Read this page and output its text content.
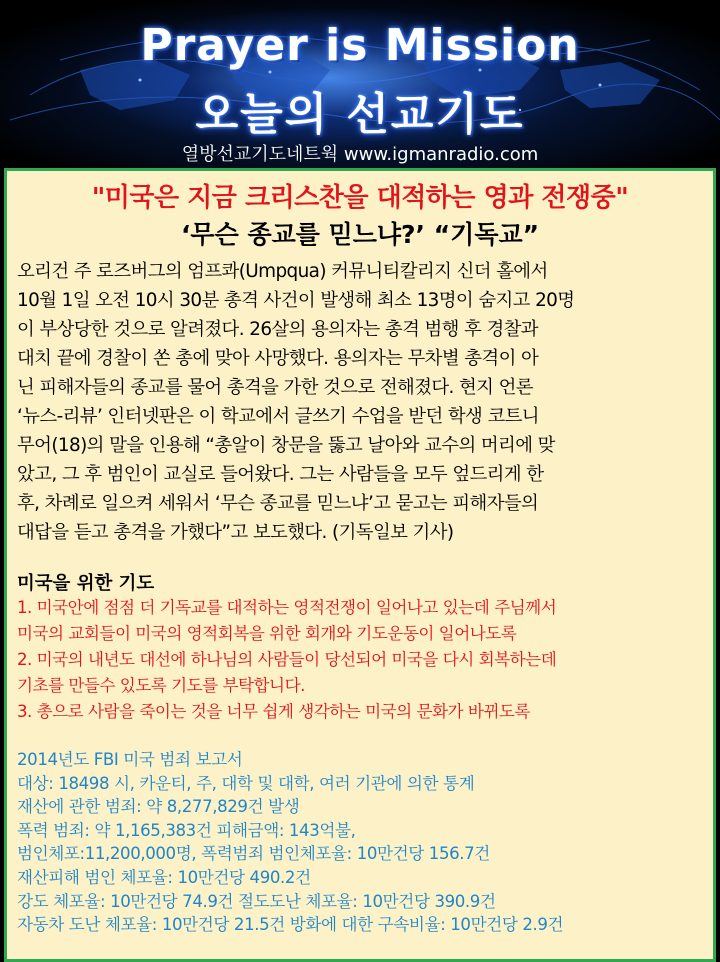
Prayer is Mission
오늘의 선교기도
열방선교기도네트웍 www.igmanradio.com
"미국은 지금 크리스찬을 대적하는 영과 전쟁중"
‘무슨 종교를 믿느냐?’ “기독교”
오리건 주 로즈버그의 엄프콰(Umpqua) 커뮤니티칼리지 신더 홀에서
10월 1일 오전 10시 30분 총격 사건이 발생해 최소 13명이 숨지고 20명
이 부상당한 것으로 알려졌다. 26살의 용의자는 총격 범행 후 경찰과
대치 끝에 경찰이 쏜 총에 맞아 사망했다. 용의자는 무차별 총격이 아
닌 피해자들의 종교를 물어 총격을 가한 것으로 전해졌다. 현지 언론
‘뉴스-리뷰’ 인터넷판은 이 학교에서 글쓰기 수업을 받던 학생 코트니
무어(18)의 말을 인용해 “총알이 창문을 뚫고 날아와 교수의 머리에 맞
았고, 그 후 범인이 교실로 들어왔다. 그는 사람들을 모두 엎드리게 한
후, 차례로 일으켜 세워서 ‘무슨 종교를 믿느냐’고 묻고는 피해자들의
대답을 듣고 총격을 가했다”고 보도했다. (기독일보 기사)
미국을 위한 기도
1. 미국안에 점점 더 기독교를 대적하는 영적전쟁이 일어나고 있는데 주님께서
미국의 교회들이 미국의 영적회복을 위한 회개와 기도운동이 일어나도록
2. 미국의 내년도 대선에 하나님의 사람들이 당선되어 미국을 다시 회복하는데
기초를 만들수 있도록 기도를 부탁합니다.
3. 총으로 사람을 죽이는 것을 너무 쉽게 생각하는 미국의 문화가 바뀌도록
2014년도 FBI 미국 범죄 보고서
대상: 18498 시, 카운티, 주, 대학 및 대학, 여러 기관에 의한 통계
재산에 관한 범죄: 약 8,277,829건 발생
폭력 범죄: 약 1,165,383건 피해금액: 143억불,
범인체포:11,200,000명, 폭력범죄 범인체포율: 10만건당 156.7건
재산피해 범인 체포율: 10만건당 490.2건
강도 체포율: 10만건당 74.9건 절도도난 체포율: 10만건당 390.9건
자동차 도난 체포율: 10만건당 21.5건 방화에 대한 구속비율: 10만건당 2.9건
